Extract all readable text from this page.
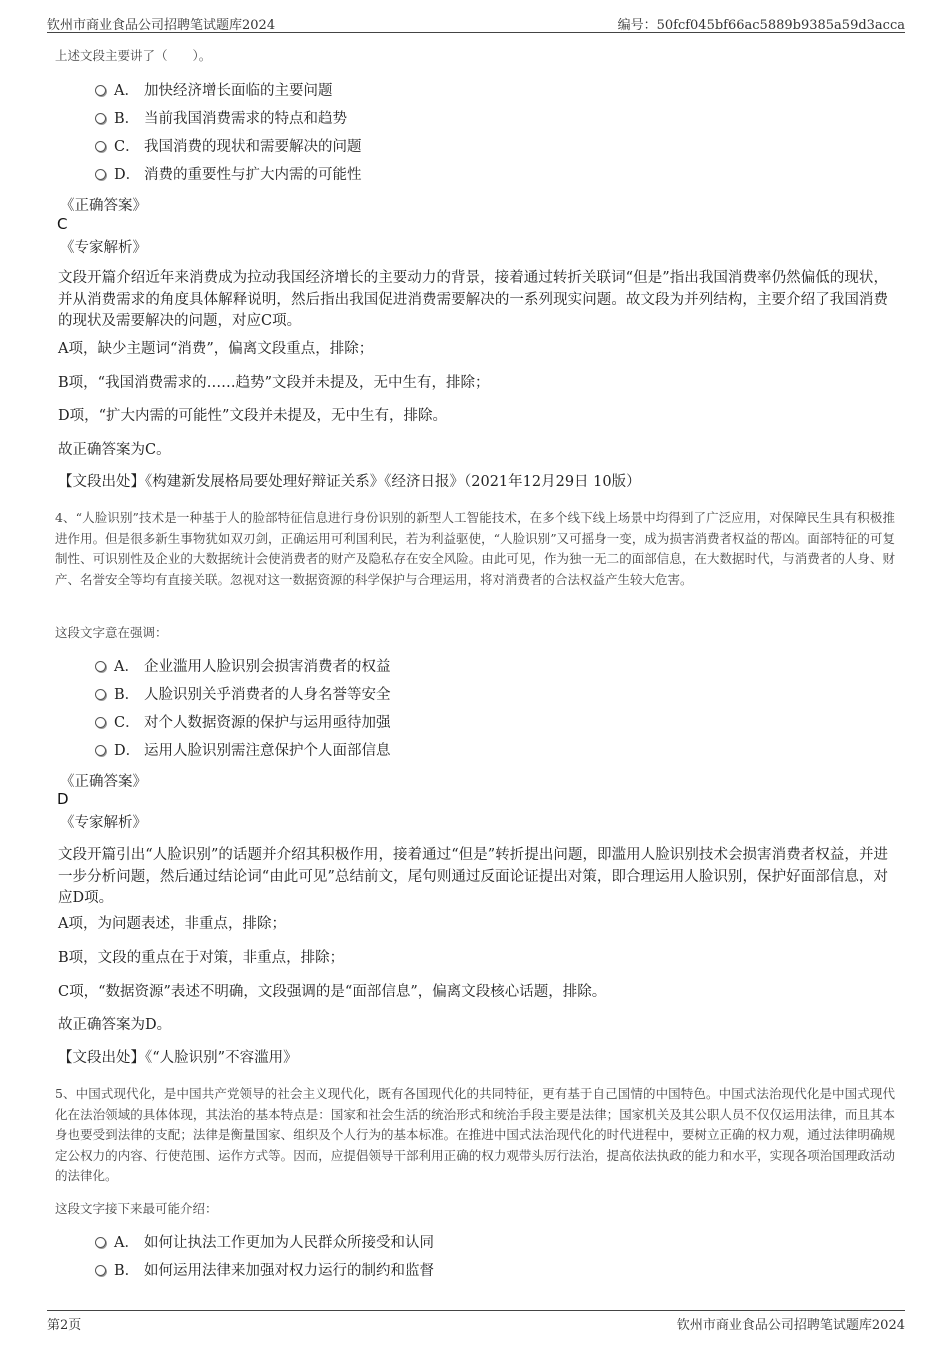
钦州市商业食品公司招聘笔试题库2024	编号：50fcf045bf66ac5889b9385a59d3acca
上述文段主要讲了（　　）。
A． 加快经济增长面临的主要问题
B． 当前我国消费需求的特点和趋势
C． 我国消费的现状和需要解决的问题
D． 消费的重要性与扩大内需的可能性
《正确答案》
C
《专家解析》
文段开篇介绍近年来消费成为拉动我国经济增长的主要动力的背景，接着通过转折关联词“但是”指出我国消费率仍然偏低的现状，并从消费需求的角度具体解释说明，然后指出我国促进消费需要解决的一系列现实问题。故文段为并列结构，主要介绍了我国消费的现状及需要解决的问题，对应C项。
A项，缺少主题词“消费”，偏离文段重点，排除；
B项，“我国消费需求的……趋势”文段并未提及，无中生有，排除；
D项，“扩大内需的可能性”文段并未提及，无中生有，排除。
故正确答案为C。
【文段出处】《构建新发展格局要处理好辩证关系》《经济日报》（2021年12月29日 10版）
4、“人脸识别”技术是一种基于人的脸部特征信息进行身份识别的新型人工智能技术，在多个线下线上场景中均得到了广泛应用，对保障民生具有积极推进作用。但是很多新生事物犹如双刃剑，正确运用可利国利民，若为利益驱使，“人脸识别”又可摇身一变，成为损害消费者权益的帮凶。面部特征的可复制性、可识别性及企业的大数据统计会使消费者的财产及隐私存在安全风险。由此可见，作为独一无二的面部信息，在大数据时代，与消费者的人身、财产、名誉安全等均有直接关联。忽视对这一数据资源的科学保护与合理运用，将对消费者的合法权益产生较大危害。
这段文字意在强调：
A． 企业滥用人脸识别会损害消费者的权益
B． 人脸识别关乎消费者的人身名誉等安全
C． 对个人数据资源的保护与运用亟待加强
D． 运用人脸识别需注意保护个人面部信息
《正确答案》
D
《专家解析》
文段开篇引出“人脸识别”的话题并介绍其积极作用，接着通过“但是”转折提出问题，即滥用人脸识别技术会损害消费者权益，并进一步分析问题，然后通过结论词“由此可见”总结前文，尾句则通过反面论证提出对策，即合理运用人脸识别，保护好面部信息，对应D项。
A项，为问题表述，非重点，排除；
B项，文段的重点在于对策，非重点，排除；
C项，“数据资源”表述不明确，文段强调的是“面部信息”，偏离文段核心话题，排除。
故正确答案为D。
【文段出处】《“人脸识别”不容滥用》
5、中国式现代化，是中国共产党领导的社会主义现代化，既有各国现代化的共同特征，更有基于自己国情的中国特色。中国式法治现代化是中国式现代化在法治领域的具体体现，其法治的基本特点是：国家和社会生活的统治形式和统治手段主要是法律；国家机关及其公职人员不仅仅运用法律，而且其本身也要受到法律的支配；法律是衡量国家、组织及个人行为的基本标准。在推进中国式法治现代化的时代进程中，要树立正确的权力观，通过法律明确规定公权力的内容、行使范围、运作方式等。因而，应提倡领导干部利用正确的权力观带头厉行法治，提高依法执政的能力和水平，实现各项治国理政活动的法律化。
这段文字接下来最可能介绍：
A． 如何让执法工作更加为人民群众所接受和认同
B． 如何运用法律来加强对权力运行的制约和监督
第2页	钦州市商业食品公司招聘笔试题库2024
